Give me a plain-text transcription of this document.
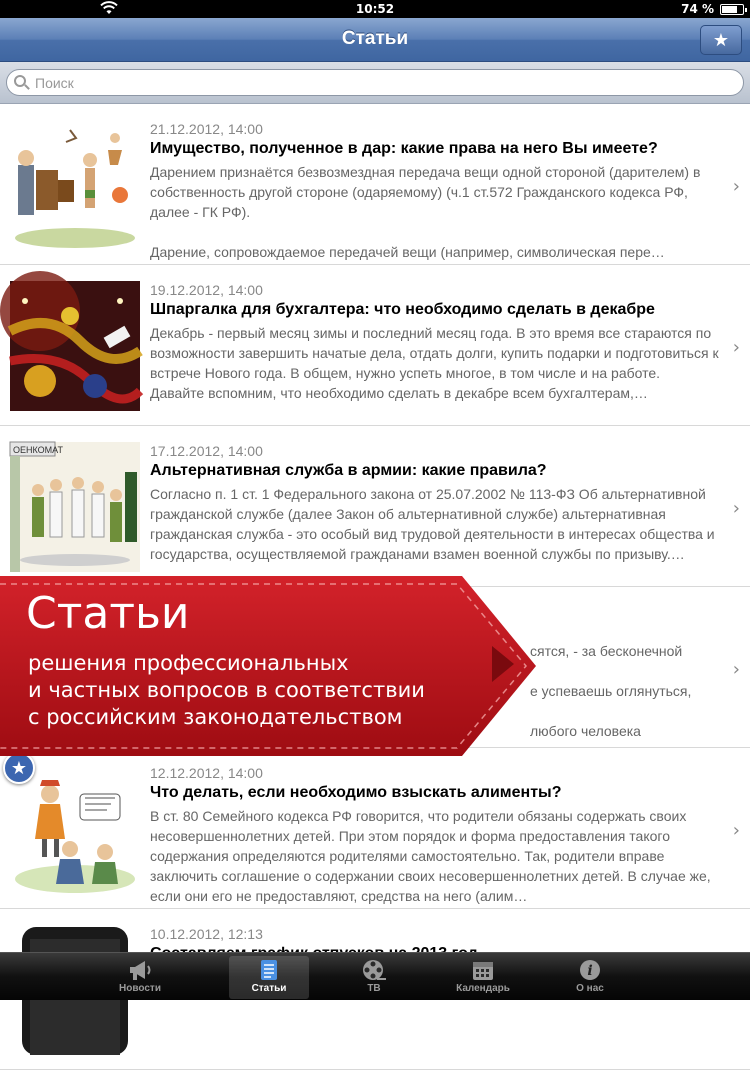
10:52	74 %
Статьи	★
Поиск
21.12.2012, 14:00
Имущество, полученное в дар: какие права на него Вы имеете?
Дарением признаётся безвозмездная передача вещи одной стороной (дарителем) в собственность другой стороне (одаряемому) (ч.1 ст.572 Гражданского кодекса РФ, далее - ГК РФ).

Дарение, сопровождаемое передачей вещи (например, символическая пере…
›
19.12.2012, 14:00
Шпаргалка для бухгалтера: что необходимо сделать в декабре
Декабрь - первый месяц зимы и последний месяц года. В это время все стараются по возможности завершить начатые дела, отдать долги, купить подарки и подготовиться к встрече Нового года. В общем, нужно успеть многое, в том числе и на работе.
Давайте вспомним, что необходимо сделать в декабре всем бухгалтерам,…
›
ОЕНКОМАТ	17.12.2012, 14:00
Альтернативная служба в армии: какие правила?
Согласно п. 1 ст. 1 Федерального закона от 25.07.2002 № 113-ФЗ Об альтернативной гражданской службе (далее Закон об альтернативной службе) альтернативная гражданская служба - это особый вид трудовой деятельности в интересах общества и государства, осуществляемой гражданами взамен военной службы по призыву.…
›

сятся, - за бесконечной

е успеваешь оглянуться,

любого человека

›
★	12.12.2012, 14:00
Что делать, если необходимо взыскать алименты?
В ст. 80 Семейного кодекса РФ говорится, что родители обязаны содержать своих несовершеннолетних детей. При этом порядок и форма предоставления такого содержания определяются родителями самостоятельно. Так, родители вправе заключить соглашение о содержании своих несовершеннолетних детей. В случае же, если они его не предоставляют, средства на него (алим…
›
10.12.2012, 12:13
Статьи
решения профессиональных
и частных вопросов в соответствии
с российским законодательством
Новости	Статьи	ТВ	Календарь
i
О нас
